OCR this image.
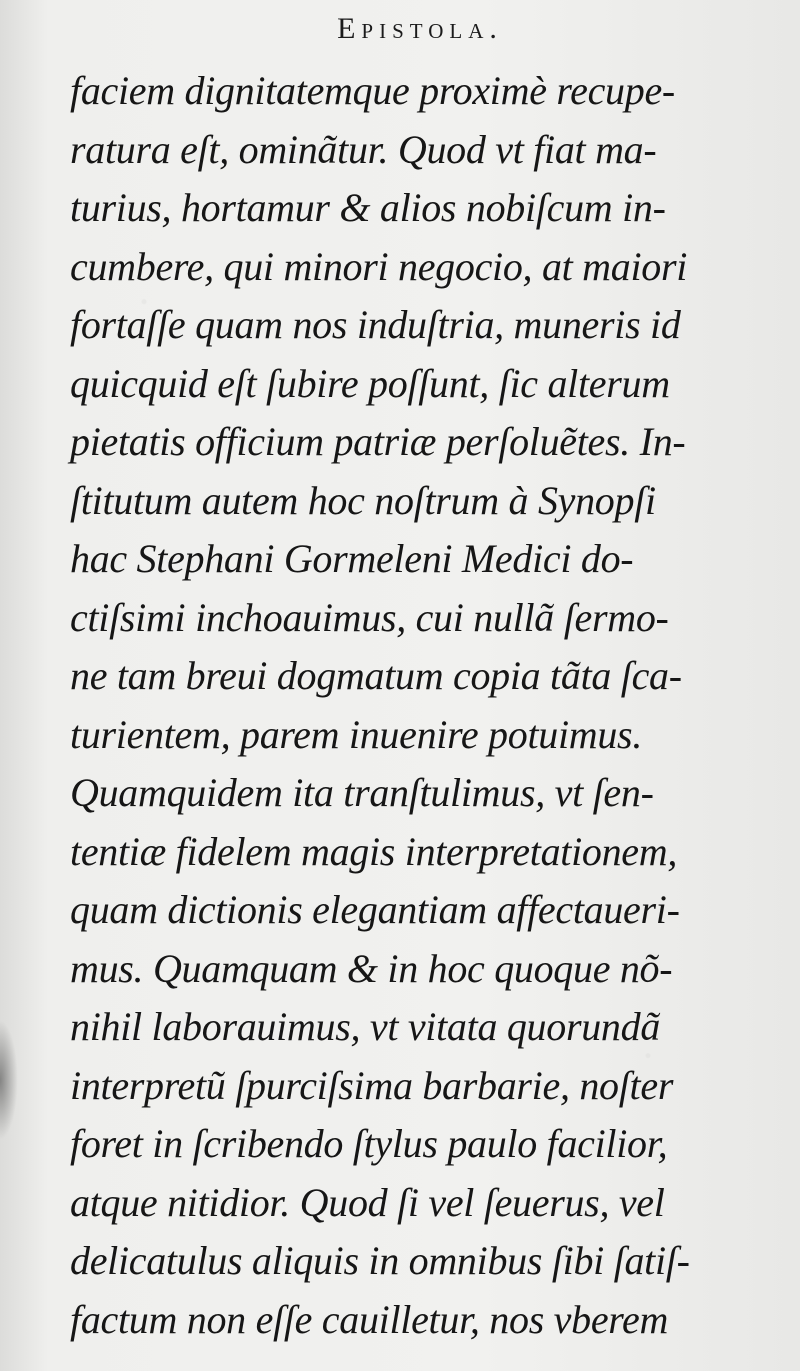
Epistola.
faciem dignitatemque proximè recupe-
ratura eſt, ominãtur. Quod vt fiat ma-
turius, hortamur & alios nobiſcum in-
cumbere, qui minori negocio, at maiori
fortaſſe quam nos induſtria, muneris id
quicquid eſt ſubire poſſunt, ſic alterum
pietatis officium patriæ perſoluẽtes. In-
ſtitutum autem hoc noſtrum à Synopſi
hac Stephani Gormeleni Medici do-
ctiſsimi inchoauimus, cui nullã ſermo-
ne tam breui dogmatum copia tãta ſca-
turientem, parem inuenire potuimus.
Quamquidem ita tranſtulimus, vt ſen-
tentiæ fidelem magis interpretationem,
quam dictionis elegantiam affectaueri-
mus. Quamquam & in hoc quoque nõ-
nihil laborauimus, vt vitata quorundã
interpretũ ſpurciſsima barbarie, noſter
foret in ſcribendo ſtylus paulo facilior,
atque nitidior. Quod ſi vel ſeuerus, vel
delicatulus aliquis in omnibus ſibi ſatiſ-
factum non eſſe cauilletur, nos vberem
